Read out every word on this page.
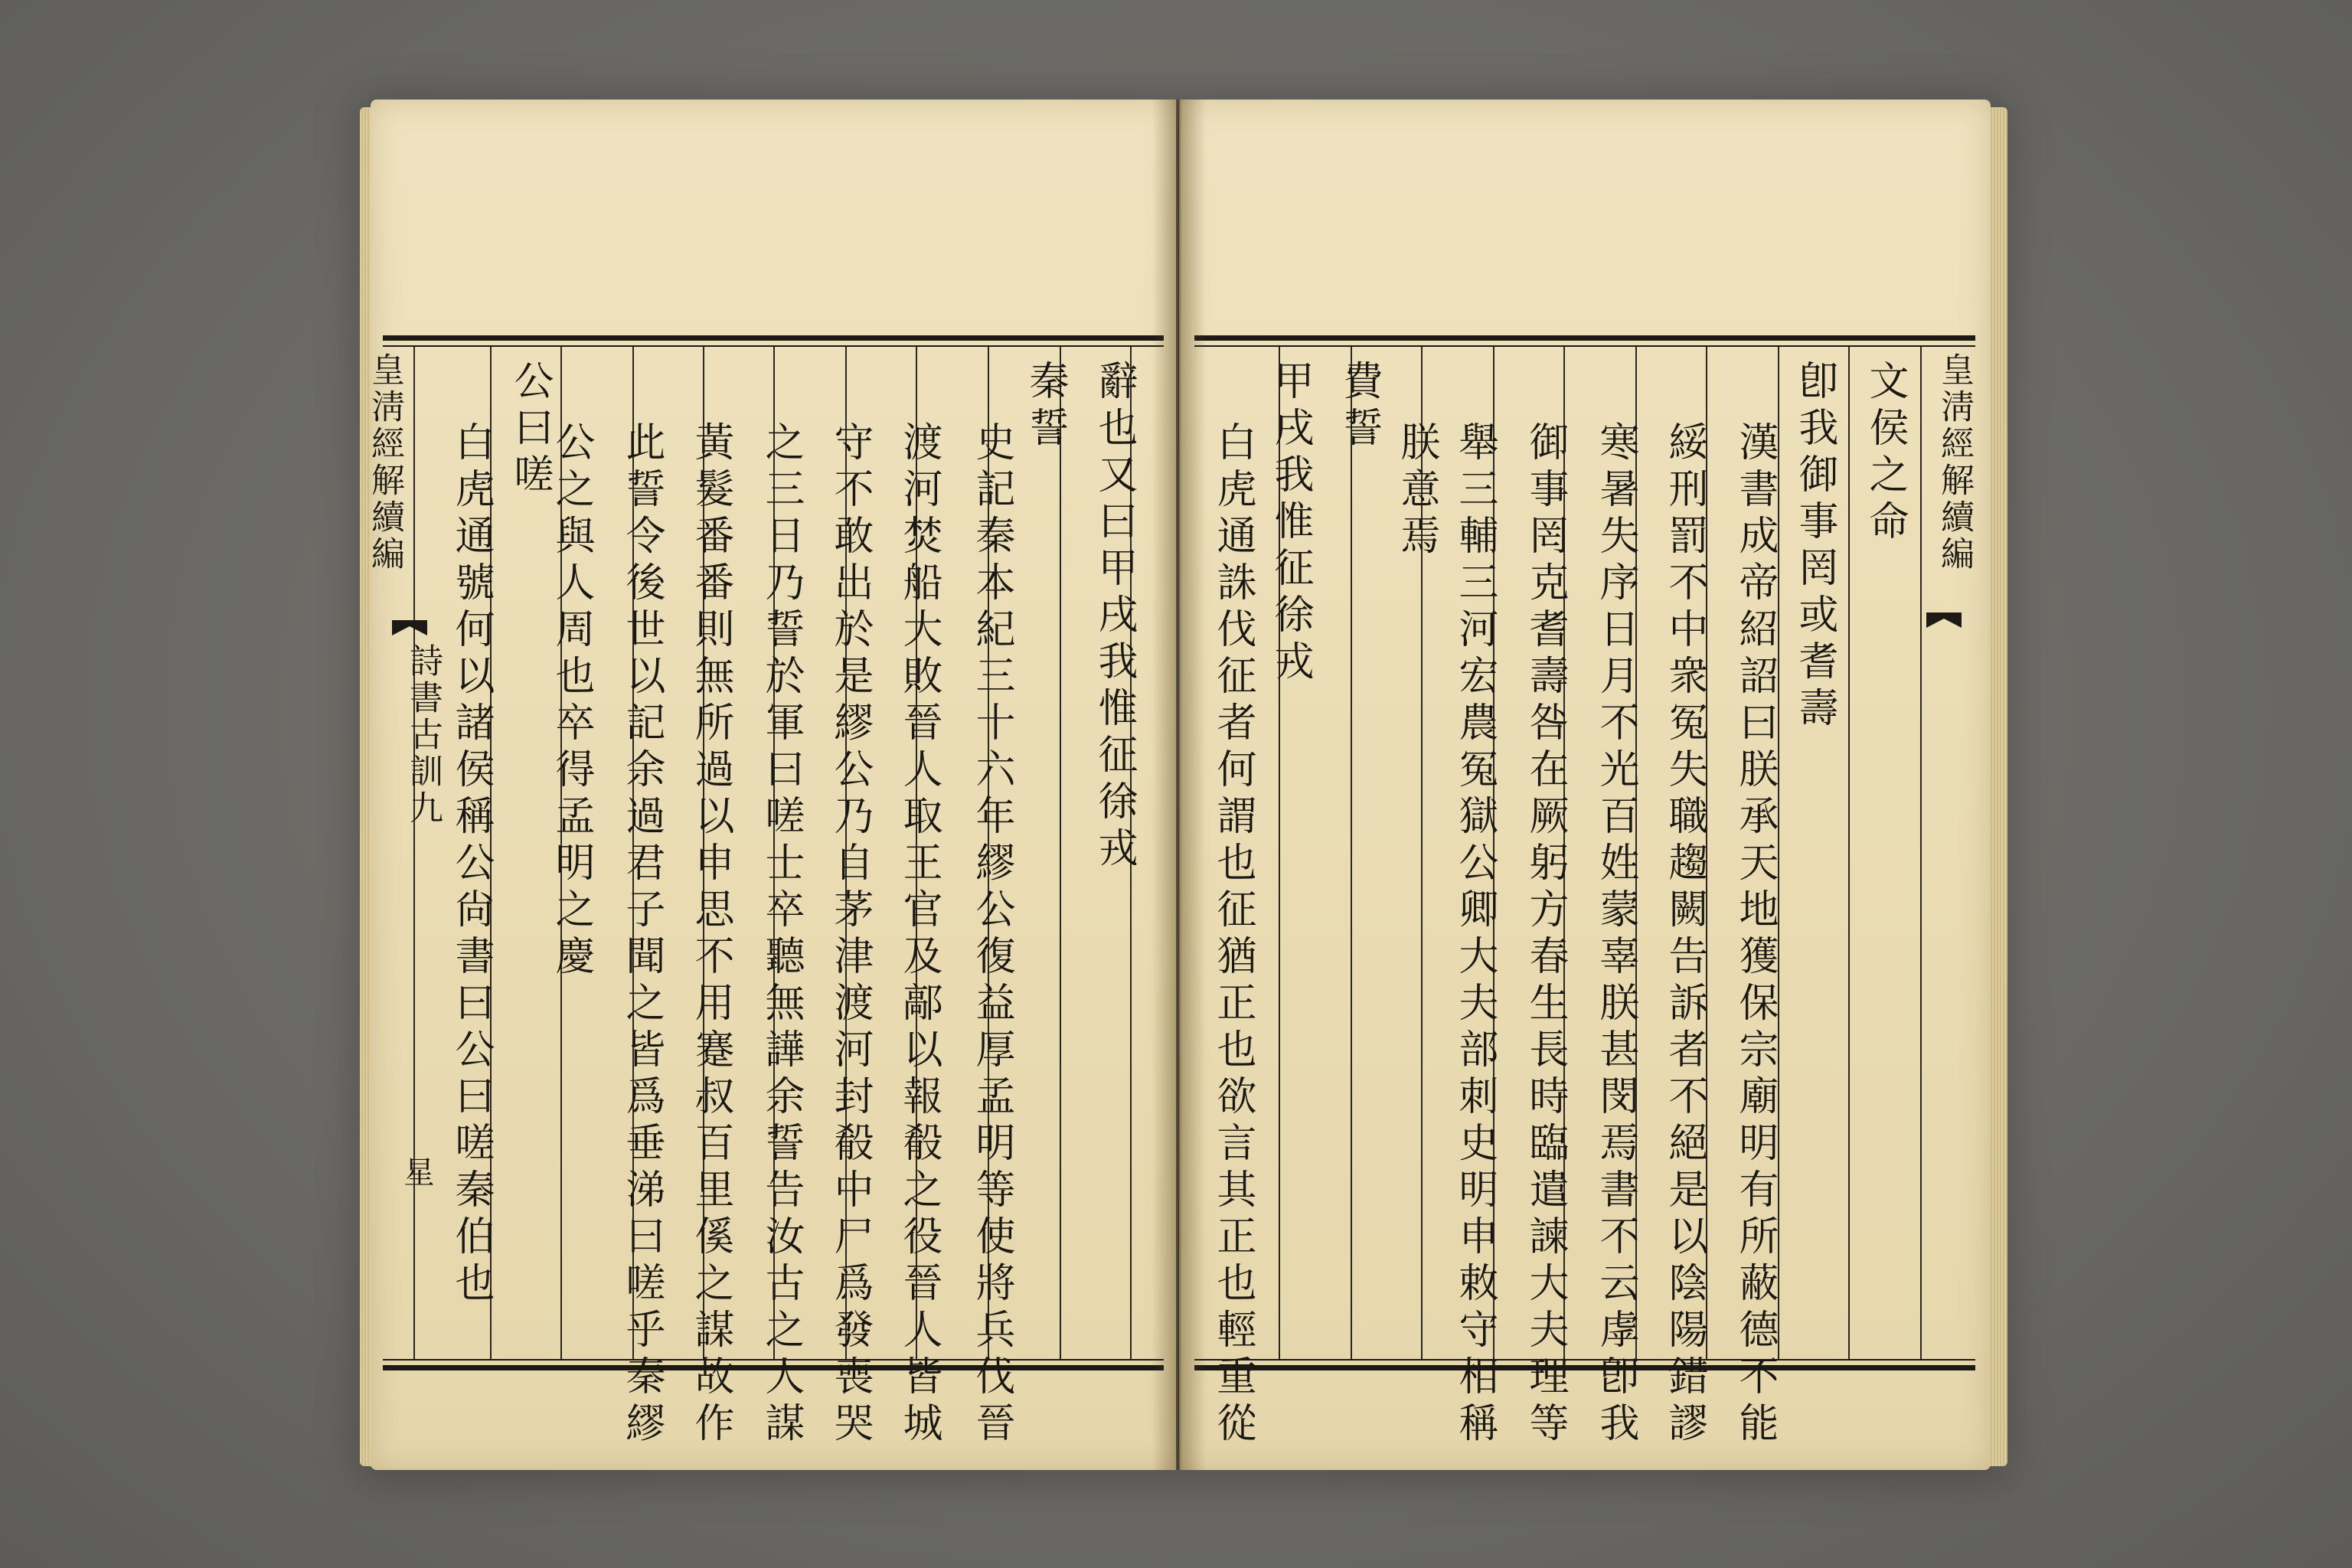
皇淸經解續編
詩書古訓九
星
辭也又曰甲戌我惟征徐戎
秦誓
史記秦本紀三十六年繆公復益厚孟明等使將兵伐晉
渡河焚船大敗晉人取王官及鄗以報殽之役晉人皆城
守不敢出於是繆公乃自茅津渡河封殽中尸爲發喪哭
之三日乃誓於軍曰嗟士卒聽無譁余誓告汝古之人謀
黃髮番番則無所過以申思不用蹇叔百里傒之謀故作
此誓令後世以記余過君子聞之皆爲垂涕曰嗟乎秦繆
公之與人周也卒得孟明之慶
公曰嗟
白虎通號何以諸侯稱公尙書曰公曰嗟秦伯也	皇淸經解續編
文侯之命
卽我御事罔或耆壽
漢書成帝紹詔曰朕承天地獲保宗廟明有所蔽德不能
綏刑罰不中衆冤失職趨闕告訴者不絕是以陰陽錯謬
寒暑失序日月不光百姓蒙辜朕甚閔焉書不云虖卽我
御事罔克耆壽咎在厥躬方春生長時臨遣諫大夫理等
舉三輔三河宏農冤獄公卿大夫部刺史明申敕守相稱
朕意焉
費誓
甲戌我惟征徐戎
白虎通誅伐征者何謂也征猶正也欲言其正也輕重從
